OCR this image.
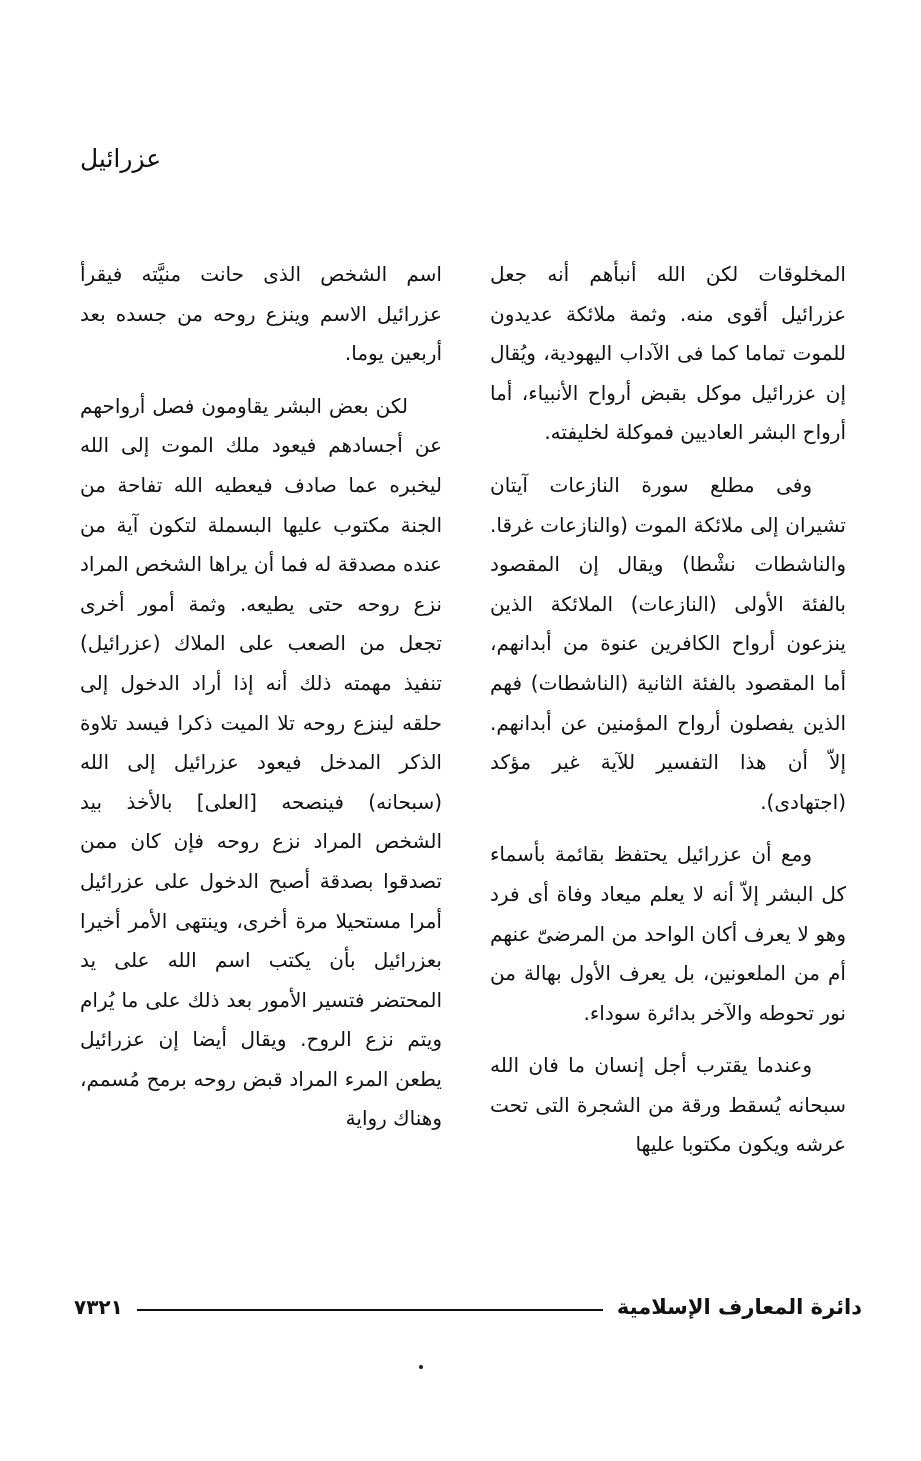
عزرائيل

المخلوقات لكن الله أنبأهم أنه جعل عزرائيل أقوى منه. وثمة ملائكة عديدون للموت تماما كما فى الآداب اليهودية، ويُقال إن عزرائيل موكل بقبض أرواح الأنبياء، أما أرواح البشر العاديين فموكلة لخليفته.

وفى مطلع سورة النازعات آيتان تشيران إلى ملائكة الموت (والنازعات غرقا. والناشطات نشْطا) ويقال إن المقصود بالفئة الأولى (النازعات) الملائكة الذين ينزعون أرواح الكافرين عنوة من أبدانهم، أما المقصود بالفئة الثانية (الناشطات) فهم الذين يفصلون أرواح المؤمنين عن أبدانهم. إلاّ أن هذا التفسير للآية غير مؤكد (اجتهادى).

ومع أن عزرائيل يحتفظ بقائمة بأسماء كل البشر إلاّ أنه لا يعلم ميعاد وفاة أى فرد وهو لا يعرف أكان الواحد من المرضىّ عنهم أم من الملعونين، بل يعرف الأول بهالة من نور تحوطه والآخر بدائرة سوداء.

وعندما يقترب أجل إنسان ما فان الله سبحانه يُسقط ورقة من الشجرة التى تحت عرشه ويكون مكتوبا عليها

اسم الشخص الذى حانت منيَّته فيقرأ عزرائيل الاسم وينزع روحه من جسده بعد أربعين يوما.

لكن بعض البشر يقاومون فصل أرواحهم عن أجسادهم فيعود ملك الموت إلى الله ليخبره عما صادف فيعطيه الله تفاحة من الجنة مكتوب عليها البسملة لتكون آية من عنده مصدقة له فما أن يراها الشخص المراد نزع روحه حتى يطيعه. وثمة أمور أخرى تجعل من الصعب على الملاك (عزرائيل) تنفيذ مهمته ذلك أنه إذا أراد الدخول إلى حلقه لينزع روحه تلا الميت ذكرا فيسد تلاوة الذكر المدخل فيعود عزرائيل إلى الله (سبحانه) فينصحه [العلى] بالأخذ بيد الشخص المراد نزع روحه فإن كان ممن تصدقوا بصدقة أصبح الدخول على عزرائيل أمرا مستحيلا مرة أخرى، وينتهى الأمر أخيرا بعزرائيل بأن يكتب اسم الله على يد المحتضر فتسير الأمور بعد ذلك على ما يُرام ويتم نزع الروح. ويقال أيضا إن عزرائيل يطعن المرء المراد قبض روحه برمح مُسمم، وهناك رواية

دائرة المعارف الإسلامية
٧٣٢١
